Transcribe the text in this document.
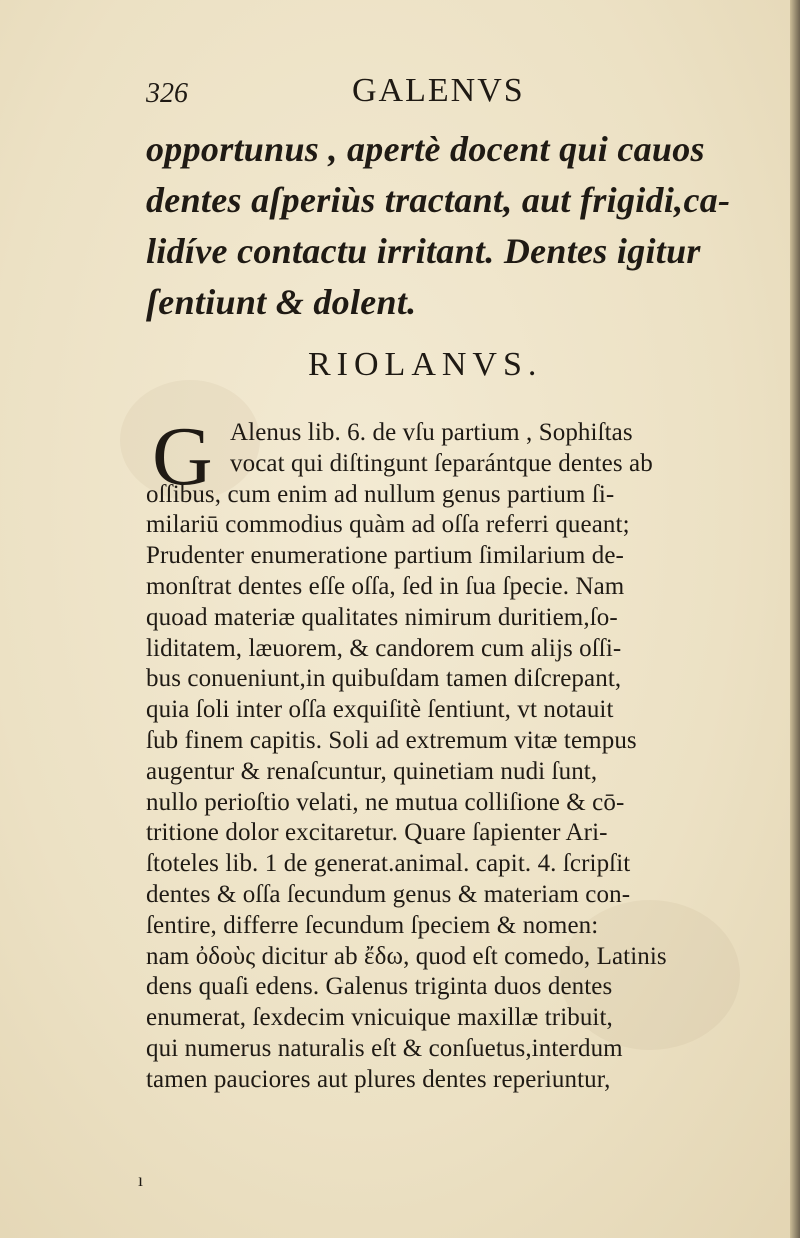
326	GALENVS
opportunus , apertè docent qui cauos
dentes aſperiùs tractant, aut frigidi,ca-
lidíve contactu irritant. Dentes igitur
ſentiunt & dolent.
RIOLANVS.
G Alenus lib. 6. de vſu partium , Sophiſtas
vocat qui diſtingunt ſeparántque dentes ab
oſſibus, cum enim ad nullum genus partium ſi-
milariū commodius quàm ad oſſa referri queant;
Prudenter enumeratione partium ſimilarium de-
monſtrat dentes eſſe oſſa, ſed in ſua ſpecie. Nam
quoad materiæ qualitates nimirum duritiem,ſo-
liditatem, læuorem, & candorem cum alijs oſſi-
bus conueniunt,in quibuſdam tamen diſcrepant,
quia ſoli inter oſſa exquiſitè ſentiunt, vt notauit
ſub finem capitis. Soli ad extremum vitæ tempus
augentur & renaſcuntur, quinetiam nudi ſunt,
nullo perioſtio velati, ne mutua colliſione & cō-
tritione dolor excitaretur. Quare ſapienter Ari-
ſtoteles lib. 1 de generat.animal. capit. 4. ſcripſit
dentes & oſſa ſecundum genus & materiam con-
ſentire, differre ſecundum ſpeciem & nomen:
nam ὀδοὺς dicitur ab ἔδω, quod eſt comedo, Latinis
dens quaſi edens. Galenus triginta duos dentes
enumerat, ſexdecim vnicuique maxillæ tribuit,
qui numerus naturalis eſt & conſuetus,interdum
tamen pauciores aut plures dentes reperiuntur,
ı
